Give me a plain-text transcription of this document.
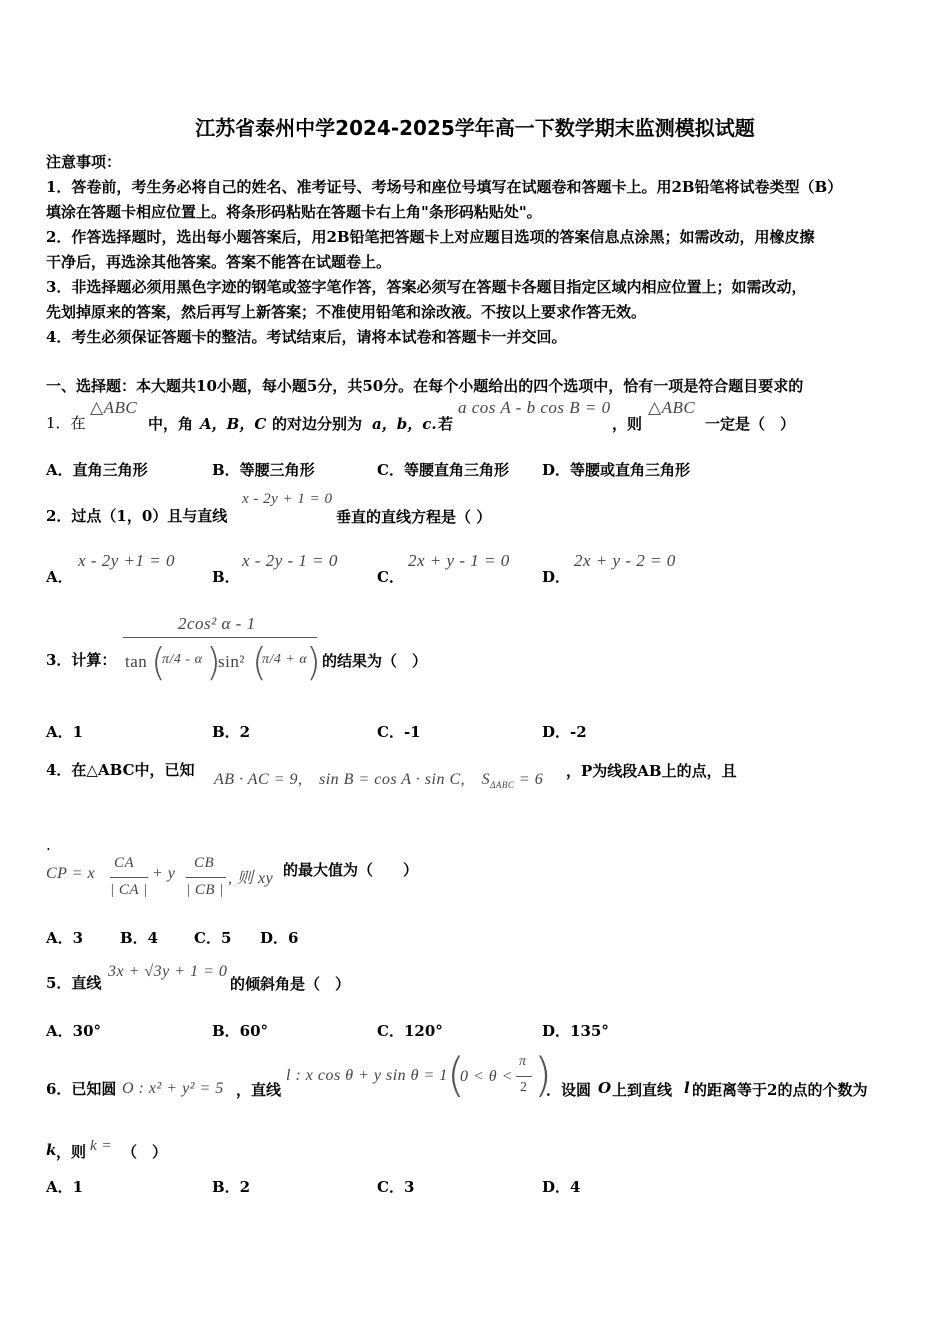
江苏省泰州中学2024-2025学年高一下数学期末监测模拟试题
注意事项：
1．答卷前，考生务必将自己的姓名、准考证号、考场号和座位号填写在试题卷和答题卡上。用2B铅笔将试卷类型（B）
填涂在答题卡相应位置上。将条形码粘贴在答题卡右上角"条形码粘贴处"。
2．作答选择题时，选出每小题答案后，用2B铅笔把答题卡上对应题目选项的答案信息点涂黑；如需改动，用橡皮擦
干净后，再选涂其他答案。答案不能答在试题卷上。
3．非选择题必须用黑色字迹的钢笔或签字笔作答，答案必须写在答题卡各题目指定区域内相应位置上；如需改动，
先划掉原来的答案，然后再写上新答案；不准使用铅笔和涂改液。不按以上要求作答无效。
4．考生必须保证答题卡的整洁。考试结束后，请将本试卷和答题卡一并交回。
一、选择题：本大题共10小题，每小题5分，共50分。在每个小题给出的四个选项中，恰有一项是符合题目要求的
1．在
△ABC
中，角 A，B，C 的对边分别为 a，b，c. 若
a cos A - b cos B = 0
，则
△ABC
一定是（　）
A．直角三角形	B．等腰三角形	C．等腰直角三角形 D．等腰或直角三角形
2．过点（1，0）且与直线
x - 2y + 1 = 0
垂直的直线方程是（ ）
A．
x - 2y +1 = 0
B．
x - 2y - 1 = 0
C．
2x + y - 1 = 0
D．
2x + y - 2 = 0
3．计算：
2cos² α - 1
tan (
π/4 - α )
sin² (
π/4 + α
) 的结果为（　）
A．1	B．2	C．-1	D．-2
4．在△ABC中，已知
AB · AC = 9,　sin B = cos A · sin C,　$S_{\Delta ABC} = 6$ ，P为线段AB上的点，且
.
CP = x
CA
| CA |
+ y
CB
| CB |
, 则 xy 的最大值为（　　）
A．3 B．4 C．5 D．6
5．直线
3x + √3y + 1 = 0
的倾斜角是（　）
A．30°	B．60°	C．120°	D．135°
6．已知圆 O : x² + y² = 5 ，直线
l : x cos θ + y sin θ = 1 (
0 < θ <
π
2 )
．设圆 O 上到直线 l 的距离等于2的点的个数为
k ，则 k = （　）
A．1	B．2	C．3	D．4
